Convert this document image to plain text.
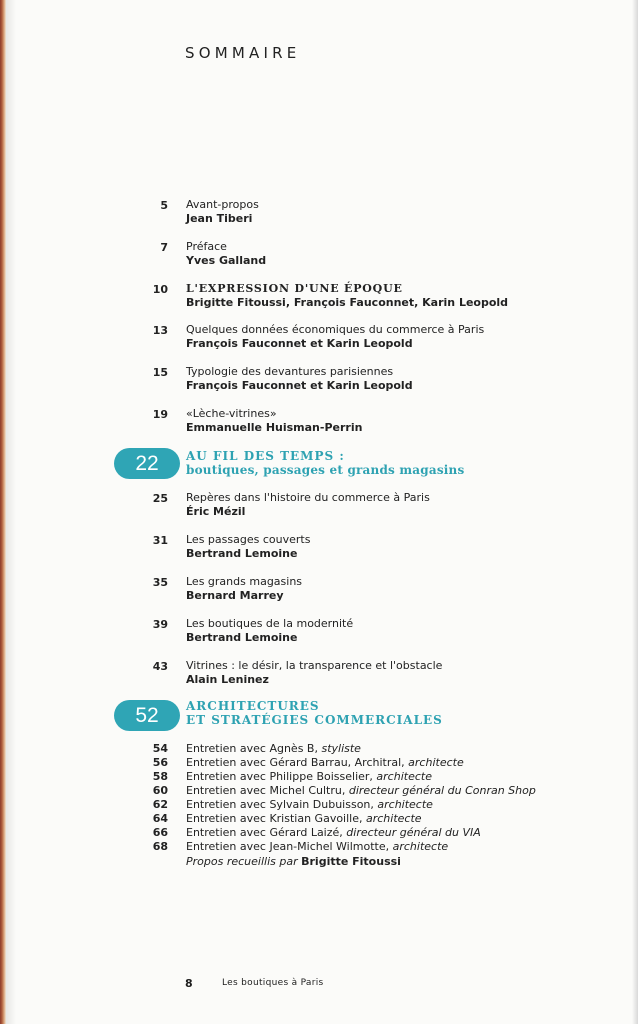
SOMMAIRE
5 Avant-propos
Jean Tiberi
7 Préface
Yves Galland
10 L'EXPRESSION D'UNE ÉPOQUE
Brigitte Fitoussi, François Fauconnet, Karin Leopold
13 Quelques données économiques du commerce à Paris
François Fauconnet et Karin Leopold
15 Typologie des devantures parisiennes
François Fauconnet et Karin Leopold
19 «Lèche-vitrines»
Emmanuelle Huisman-Perrin
22	AU FIL DES TEMPS :
boutiques, passages et grands magasins
25 Repères dans l'histoire du commerce à Paris
Éric Mézil
31 Les passages couverts
Bertrand Lemoine
35 Les grands magasins
Bernard Marrey
39 Les boutiques de la modernité
Bertrand Lemoine
43 Vitrines : le désir, la transparence et l'obstacle
Alain Leninez
52	ARCHITECTURES
ET STRATÉGIES COMMERCIALES
54 Entretien avec Agnès B, styliste
56 Entretien avec Gérard Barrau, Architral, architecte
58 Entretien avec Philippe Boisselier, architecte
60 Entretien avec Michel Cultru, directeur général du Conran Shop
62 Entretien avec Sylvain Dubuisson, architecte
64 Entretien avec Kristian Gavoille, architecte
66 Entretien avec Gérard Laizé, directeur général du VIA
68 Entretien avec Jean-Michel Wilmotte, architecte
Propos recueillis par Brigitte Fitoussi
8	Les boutiques à Paris
